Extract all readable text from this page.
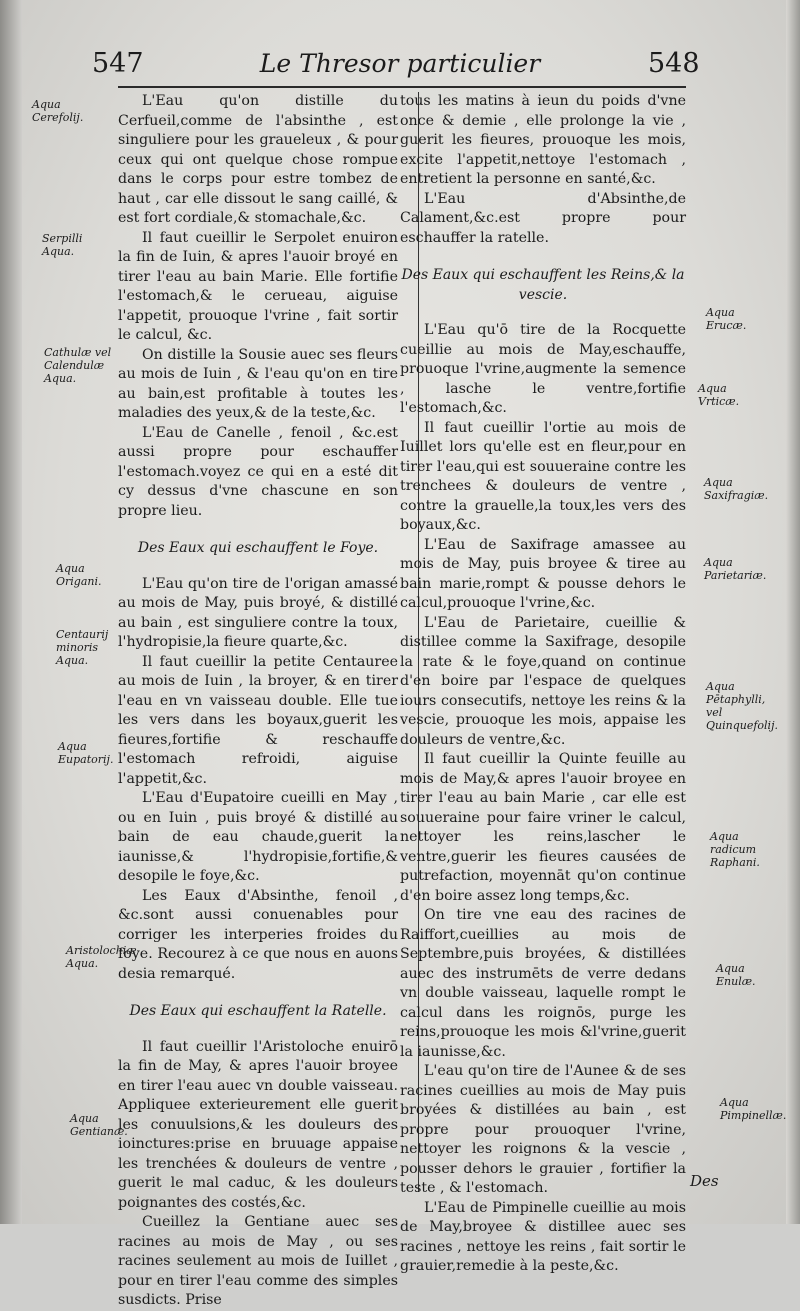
547	Le Thresor particulier	548

L'Eau qu'on distille du Cerfueil,comme de l'absinthe , est singuliere pour les graueleux , & pour ceux qui ont quelque chose rompue dans le corps pour estre tombez de haut , car elle dissout le sang caillé, & est fort cordiale,& stomachale,&c.

Il faut cueillir le Serpolet enuiron la fin de Iuin, & apres l'auoir broyé en tirer l'eau au bain Marie. Elle fortifie l'estomach,& le cerueau, aiguise l'appetit, prouoque l'vrine , fait sortir le calcul, &c.

On distille la Sousie auec ses fleurs au mois de Iuin , & l'eau qu'on en tire au bain,est profitable à toutes les maladies des yeux,& de la teste,&c.

L'Eau de Canelle , fenoil , &c.est aussi propre pour eschauffer l'estomach.voyez ce qui en a esté dit cy dessus d'vne chascune en son propre lieu.

Des Eaux qui eschauffent le Foye.

L'Eau qu'on tire de l'origan amassé au mois de May, puis broyé, & distillé au bain , est singuliere contre la toux, l'hydropisie,la fieure quarte,&c.

Il faut cueillir la petite Centauree au mois de Iuin , la broyer, & en tirer l'eau en vn vaisseau double. Elle tue les vers dans les boyaux,guerit les fieures,fortifie & reschauffe l'estomach refroidi, aiguise l'appetit,&c.

L'Eau d'Eupatoire cueilli en May , ou en Iuin , puis broyé & distillé au bain de eau chaude,guerit la iaunisse,& l'hydropisie,fortifie,& desopile le foye,&c.

Les Eaux d'Absinthe, fenoil , &c.sont aussi conuenables pour corriger les interperies froides du foye. Recourez à ce que nous en auons desia remarqué.

Des Eaux qui eschauffent la Ratelle.

Il faut cueillir l'Aristoloche enuirō la fin de May, & apres l'auoir broyee en tirer l'eau auec vn double vaisseau. Appliquee exterieurement elle guerit les conuulsions,& les douleurs des ioinctures:prise en bruuage appaise les trenchées & douleurs de ventre , guerit le mal caduc, & les douleurs poignantes des costés,&c.

Cueillez la Gentiane auec ses racines au mois de May , ou ses racines seulement au mois de Iuillet , pour en tirer l'eau comme des simples susdicts. Prise

tous les matins à ieun du poids d'vne once & demie , elle prolonge la vie , guerit les fieures, prouoque les mois, excite l'appetit,nettoye l'estomach , entretient la personne en santé,&c.

L'Eau d'Absinthe,de Calament,&c.est propre pour eschauffer la ratelle.

Des Eaux qui eschauffent les Reins,& la vescie.

L'Eau qu'ō tire de la Rocquette cueillie au mois de May,eschauffe, prouoque l'vrine,augmente la semence , lasche le ventre,fortifie l'estomach,&c.

Il faut cueillir l'ortie au mois de Iuillet lors qu'elle est en fleur,pour en tirer l'eau,qui est souueraine contre les trenchees & douleurs de ventre , contre la grauelle,la toux,les vers des boyaux,&c.

L'Eau de Saxifrage amassee au mois de May, puis broyee & tiree au bain marie,rompt & pousse dehors le calcul,prouoque l'vrine,&c.

L'Eau de Parietaire, cueillie & distillee comme la Saxifrage, desopile la rate & le foye,quand on continue d'en boire par l'espace de quelques iours consecutifs, nettoye les reins & la vescie, prouoque les mois, appaise les douleurs de ventre,&c.

Il faut cueillir la Quinte feuille au mois de May,& apres l'auoir broyee en tirer l'eau au bain Marie , car elle est souueraine pour faire vriner le calcul, nettoyer les reins,lascher le ventre,guerir les fieures causées de putrefaction, moyennāt qu'on continue d'en boire assez long temps,&c.

On tire vne eau des racines de Raiffort,cueillies au mois de Septembre,puis broyées, & distillées auec des instrumēts de verre dedans vn double vaisseau, laquelle rompt le calcul dans les roignōs, purge les reins,prouoque les mois &l'vrine,guerit la iaunisse,&c.

L'eau qu'on tire de l'Aunee & de ses racines cueillies au mois de May puis broyées & distillées au bain , est propre pour prouoquer l'vrine, nettoyer les roignons & la vescie , pousser dehors le grauier , fortifier la teste , & l'estomach.

L'Eau de Pimpinelle cueillie au mois de May,broyee & distillee auec ses racines , nettoye les reins , fait sortir le grauier,remedie à la peste,&c.

Aqua Cerefolij.
Serpilli Aqua.
Cathulæ vel Calendulæ Aqua.
Aqua Origani.
Centaurij minoris Aqua.
Aqua Eupatorij.
Aristolochiæ Aqua.
Aqua Gentianæ.
Aqua Erucæ.
Aqua Vrticæ.
Aqua Saxifragiæ.
Aqua Parietariæ.
Aqua Pētaphylli, vel Quinquefolij.
Aqua radicum Raphani.
Aqua Enulæ.
Aqua Pimpinellæ.
Des
